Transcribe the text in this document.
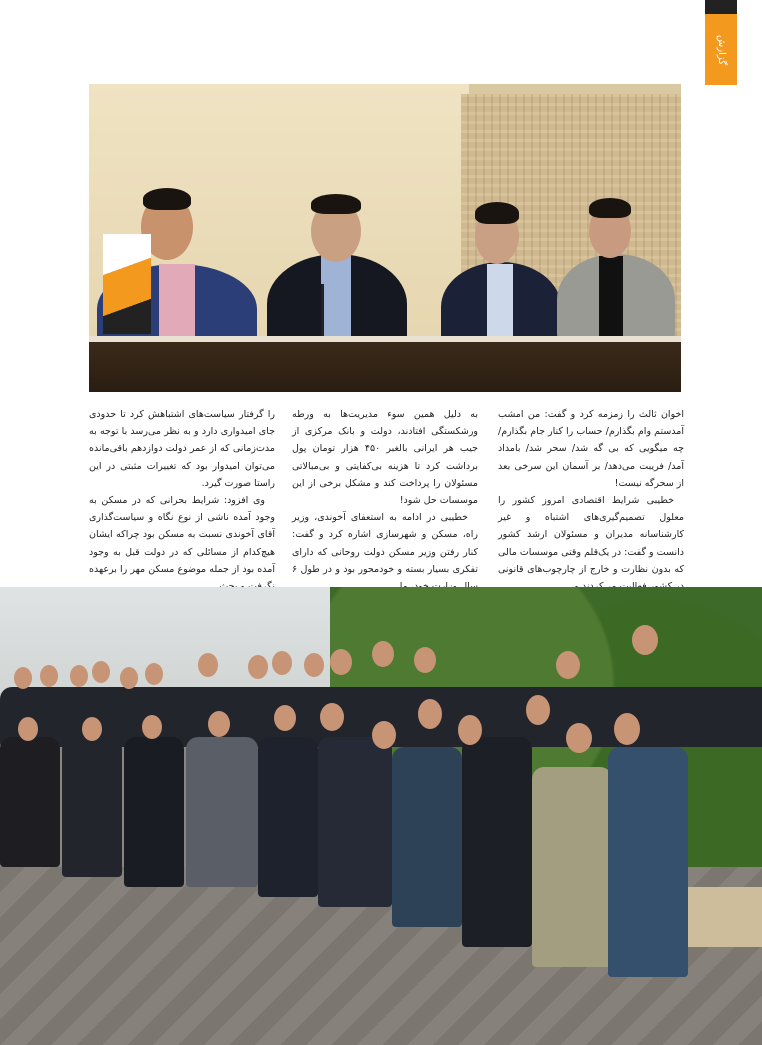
گزارش

اخوان ثالث را زمزمه کرد و گفت: من امشب آمدستم وام بگذارم/ حساب را کنار جام بگذارم/ چه میگویی که بی گه شد/ سحر شد/ بامداد آمد/ فریبت می‌دهد/ بر آسمان این سرخی بعد از سحرگه نیست!

خطیبی شرایط اقتصادی امروز کشور را معلول تصمیم‌گیری‌های اشتباه و غیر کارشناسانه مدیران و مسئولان ارشد کشور دانست و گفت: در یک‌قلم وقتی موسسات مالی که بدون نظارت و خارج از چارچوب‌های قانونی

به دلیل همین سوء مدیریت‌ها به ورطه ورشکستگی افتادند، دولت و بانک مرکزی از جیب هر ایرانی بالغبر ۴۵۰ هزار تومان پول برداشت کرد تا هزینه بی‌کفایتی و بی‌مبالاتی مسئولان را پرداخت کند و مشکل برخی از این موسسات حل شود!

خطیبی در ادامه به استعفای آخوندی، وزیر راه، مسکن و شهرسازی اشاره کرد و گفت: کنار رفتن وزیر مسکن دولت روحانی که دارای تفکری بسیار بسته و خودمحور بود و در طول ۶

را گرفتار سیاست‌های اشتباهش کرد تا حدودی جای امیدواری دارد و به نظر می‌رسد با توجه به مدت‌زمانی که از عمر دولت دوازدهم باقی‌مانده می‌توان امیدوار بود که تغییرات مثبتی در این راستا صورت گیرد.

وی افزود: شرایط بحرانی که در مسکن به وجود آمده ناشی از نوع نگاه و سیاست‌گذاری آقای آخوندی نسبت به مسکن بود چراکه ایشان هیچ‌کدام از مسائلی که در دولت قبل به وجود آمده بود از جمله موضوع مسکن مهر را برعهده
